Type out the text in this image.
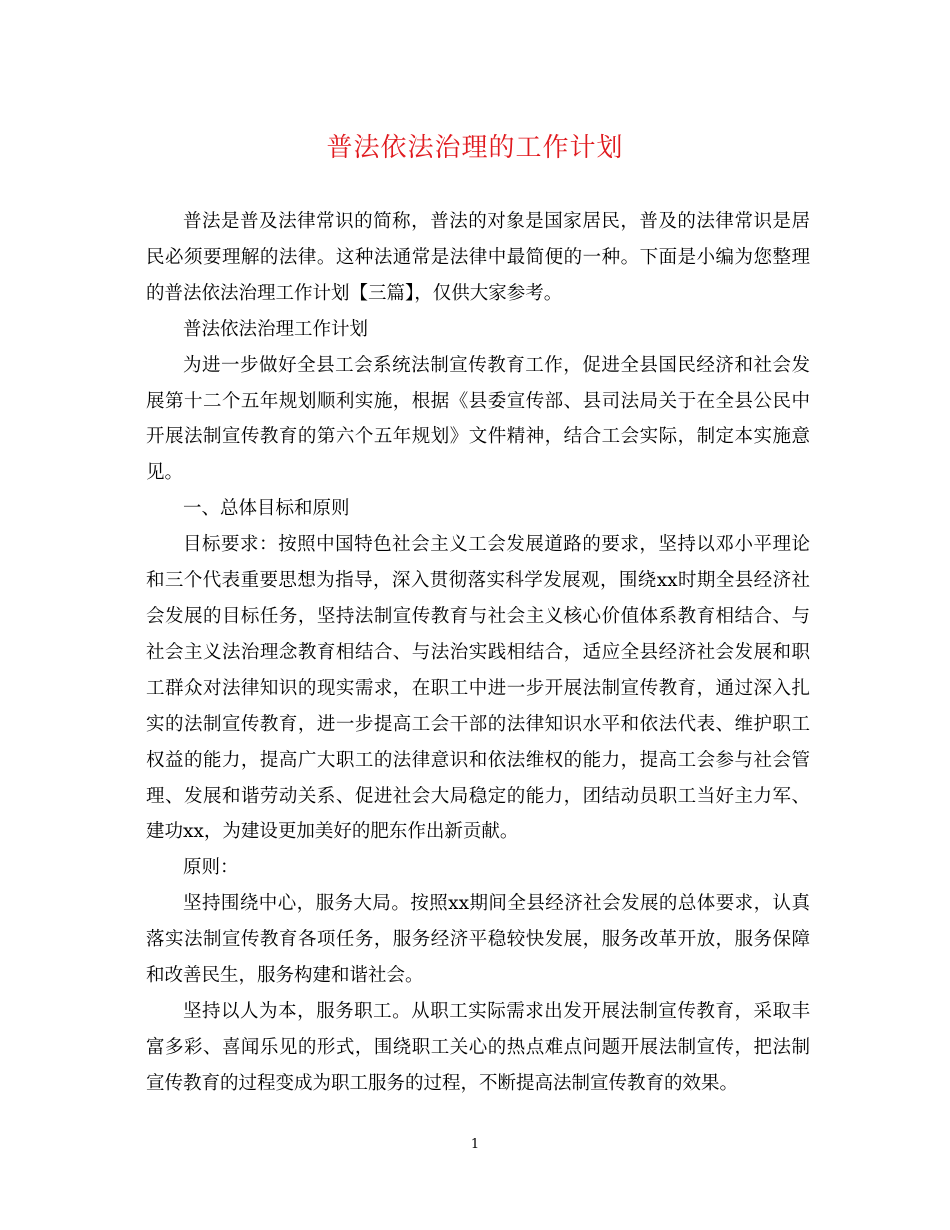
普法依法治理的工作计划

普法是普及法律常识的简称，普法的对象是国家居民，普及的法律常识是居民必须要理解的法律。这种法通常是法律中最简便的一种。下面是小编为您整理的普法依法治理工作计划【三篇】，仅供大家参考。

普法依法治理工作计划

为进一步做好全县工会系统法制宣传教育工作，促进全县国民经济和社会发展第十二个五年规划顺利实施，根据《县委宣传部、县司法局关于在全县公民中开展法制宣传教育的第六个五年规划》文件精神，结合工会实际，制定本实施意见。

一、总体目标和原则

目标要求：按照中国特色社会主义工会发展道路的要求，坚持以邓小平理论和三个代表重要思想为指导，深入贯彻落实科学发展观，围绕xx时期全县经济社会发展的目标任务，坚持法制宣传教育与社会主义核心价值体系教育相结合、与社会主义法治理念教育相结合、与法治实践相结合，适应全县经济社会发展和职工群众对法律知识的现实需求，在职工中进一步开展法制宣传教育，通过深入扎实的法制宣传教育，进一步提高工会干部的法律知识水平和依法代表、维护职工权益的能力，提高广大职工的法律意识和依法维权的能力，提高工会参与社会管理、发展和谐劳动关系、促进社会大局稳定的能力，团结动员职工当好主力军、建功xx，为建设更加美好的肥东作出新贡献。

原则：

坚持围绕中心，服务大局。按照xx期间全县经济社会发展的总体要求，认真落实法制宣传教育各项任务，服务经济平稳较快发展，服务改革开放，服务保障和改善民生，服务构建和谐社会。

坚持以人为本，服务职工。从职工实际需求出发开展法制宣传教育，采取丰富多彩、喜闻乐见的形式，围绕职工关心的热点难点问题开展法制宣传，把法制宣传教育的过程变成为职工服务的过程，不断提高法制宣传教育的效果。

1
